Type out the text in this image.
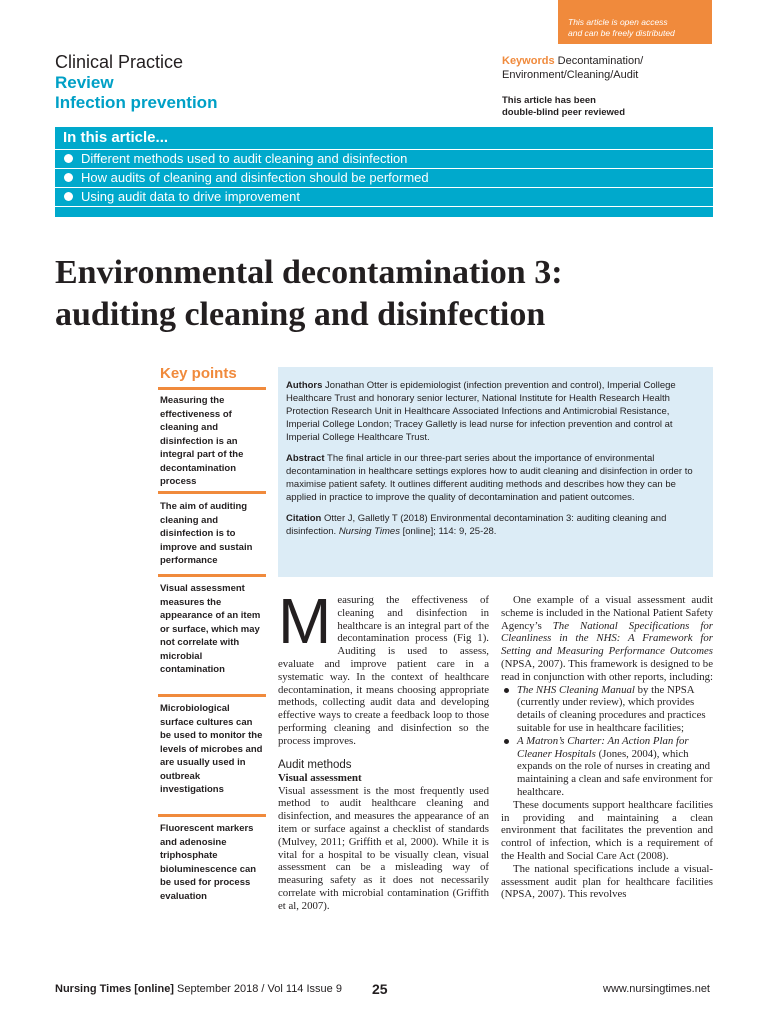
This article is open access
and can be freely distributed
Clinical Practice
Review
Infection prevention
Keywords Decontamination/ Environment/Cleaning/Audit
This article has been
double-blind peer reviewed
In this article...
Different methods used to audit cleaning and disinfection
How audits of cleaning and disinfection should be performed
Using audit data to drive improvement
Environmental decontamination 3:
auditing cleaning and disinfection
Key points
Measuring the effectiveness of cleaning and disinfection is an integral part of the decontamination process
The aim of auditing cleaning and disinfection is to improve and sustain performance
Visual assessment measures the appearance of an item or surface, which may not correlate with microbial contamination
Microbiological surface cultures can be used to monitor the levels of microbes and are usually used in outbreak investigations
Fluorescent markers and adenosine triphosphate bioluminescence can be used for process evaluation

Authors Jonathan Otter is epidemiologist (infection prevention and control), Imperial College Healthcare Trust and honorary senior lecturer, National Institute for Health Research Health Protection Research Unit in Healthcare Associated Infections and Antimicrobial Resistance, Imperial College London; Tracey Galletly is lead nurse for infection prevention and control at Imperial College Healthcare Trust.

Abstract The final article in our three-part series about the importance of environmental decontamination in healthcare settings explores how to audit cleaning and disinfection in order to maximise patient safety. It outlines different auditing methods and describes how they can be applied in practice to improve the quality of decontamination and patient outcomes.

Citation Otter J, Galletly T (2018) Environmental decontamination 3: auditing cleaning and disinfection. Nursing Times [online]; 114: 9, 25-28.

Measuring the effectiveness of cleaning and disinfection in healthcare is an integral part of the decontamination process (Fig 1). Auditing is used to assess, evaluate and improve patient care in a systematic way. In the context of healthcare decontamination, it means choosing appropriate methods, collecting audit data and developing effective ways to create a feedback loop to those performing cleaning and disinfection so the process improves.

Audit methods
Visual assessment

Visual assessment is the most frequently used method to audit healthcare cleaning and disinfection, and measures the appearance of an item or surface against a checklist of standards (Mulvey, 2011; Griffith et al, 2000). While it is vital for a hospital to be visually clean, visual assessment can be a misleading way of measuring safety as it does not necessarily correlate with microbial contamination (Griffith et al, 2007).

One example of a visual assessment audit scheme is included in the National Patient Safety Agency’s The National Specifications for Cleanliness in the NHS: A Framework for Setting and Measuring Performance Outcomes (NPSA, 2007). This framework is designed to be read in conjunction with other reports, including:

The NHS Cleaning Manual by the NPSA (currently under review), which provides details of cleaning procedures and practices suitable for use in healthcare facilities;

A Matron’s Charter: An Action Plan for Cleaner Hospitals (Jones, 2004), which expands on the role of nurses in creating and maintaining a clean and safe environment for healthcare.

These documents support healthcare facilities in providing and maintaining a clean environment that facilitates the prevention and control of infection, which is a requirement of the Health and Social Care Act (2008).

The national specifications include a visual-assessment audit plan for healthcare facilities (NPSA, 2007). This revolves

Nursing Times [online] September 2018 / Vol 114 Issue 9 25	www.nursingtimes.net
